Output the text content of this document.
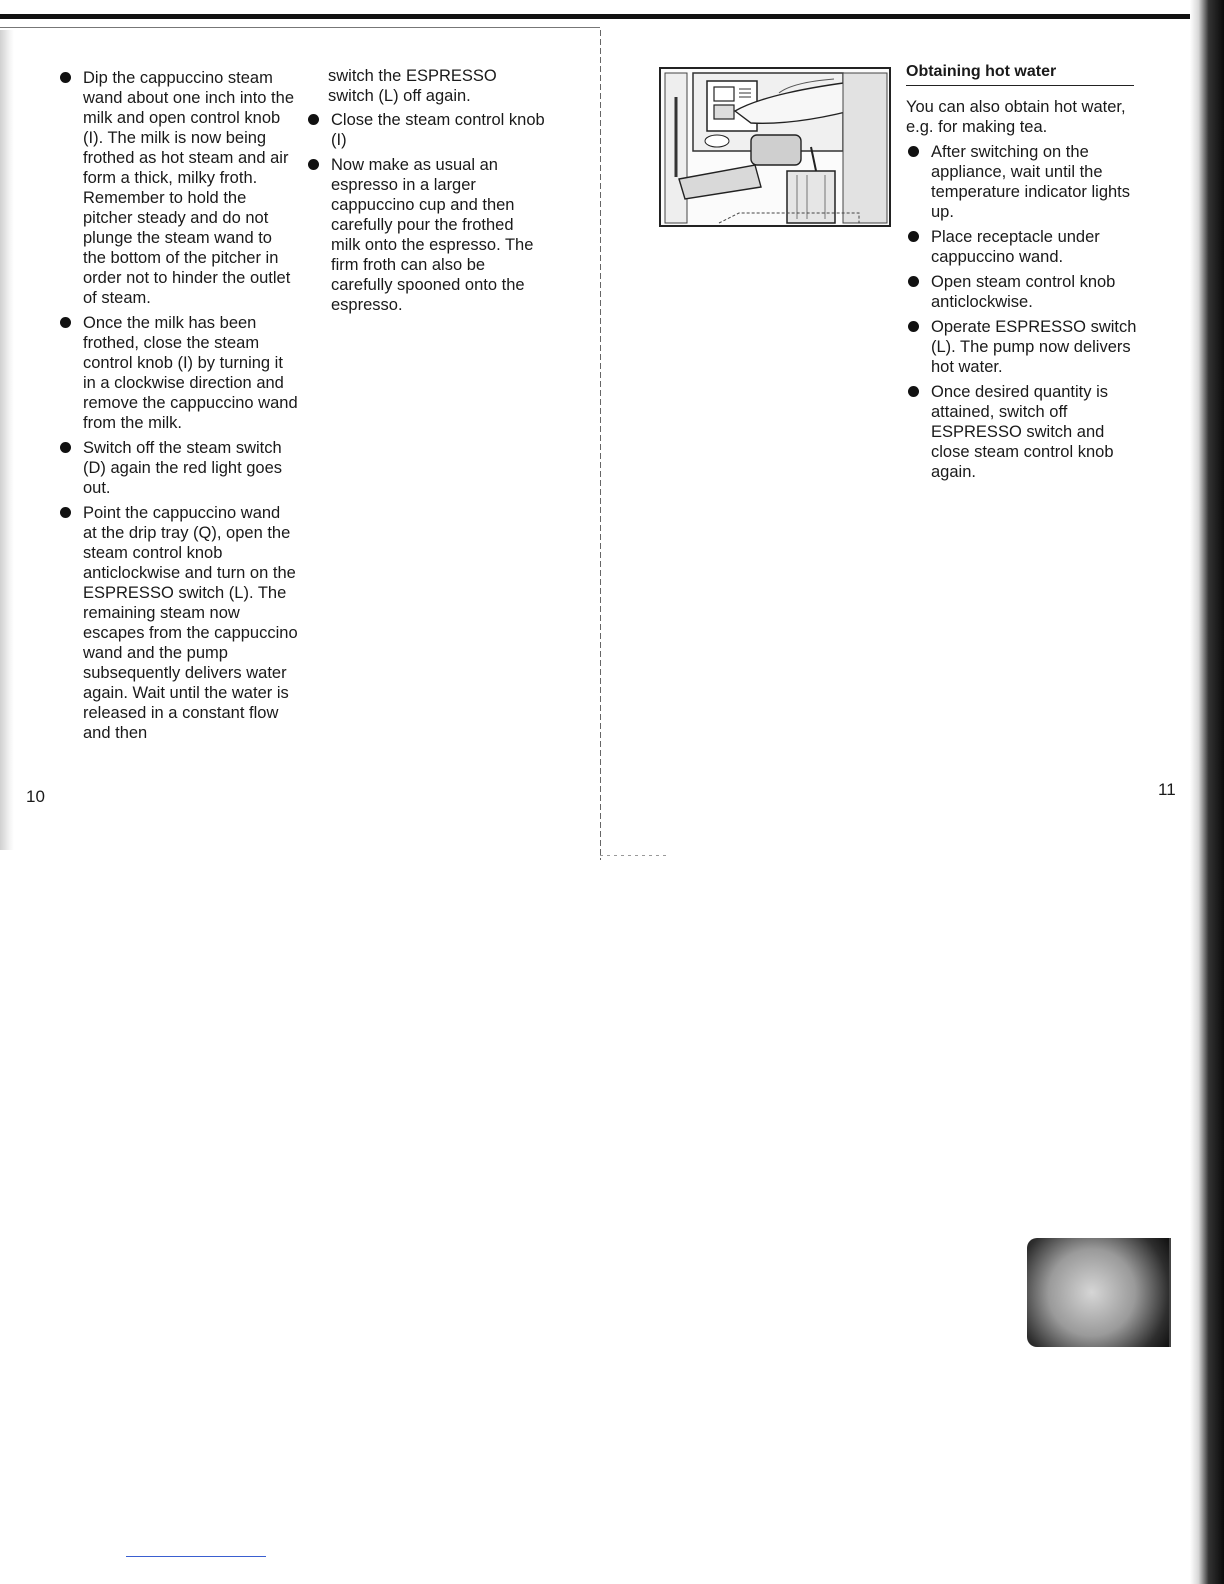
Dip the cappuccino steam wand about one inch into the milk and open control knob (I). The milk is now being frothed as hot steam and air form a thick, milky froth. Remember to hold the pitcher steady and do not plunge the steam wand to the bottom of the pitcher in order not to hinder the outlet of steam.
Once the milk has been frothed, close the steam control knob (I) by turning it in a clockwise direction and remove the cappuccino wand from the milk.
Switch off the steam switch (D) again the red light goes out.
Point the cappuccino wand at the drip tray (Q), open the steam control knob anticlockwise and turn on the ESPRESSO switch (L). The remaining steam now escapes from the cappuccino wand and the pump subsequently delivers water again. Wait until the water is released in a constant flow and then

switch the ESPRESSO switch (L) off again.

Close the steam control knob (I)
Now make as usual an espresso in a larger cappuccino cup and then carefully pour the frothed milk onto the espresso. The firm froth can also be carefully spooned onto the espresso.
10
Obtaining hot water

You can also obtain hot water, e.g. for making tea.

After switching on the appliance, wait until the temperature indicator lights up.
Place receptacle under cappuccino wand.
Open steam control knob anticlockwise.
Operate ESPRESSO switch (L). The pump now delivers hot water.
Once desired quantity is attained, switch off ESPRESSO switch and close steam control knob again.
11
